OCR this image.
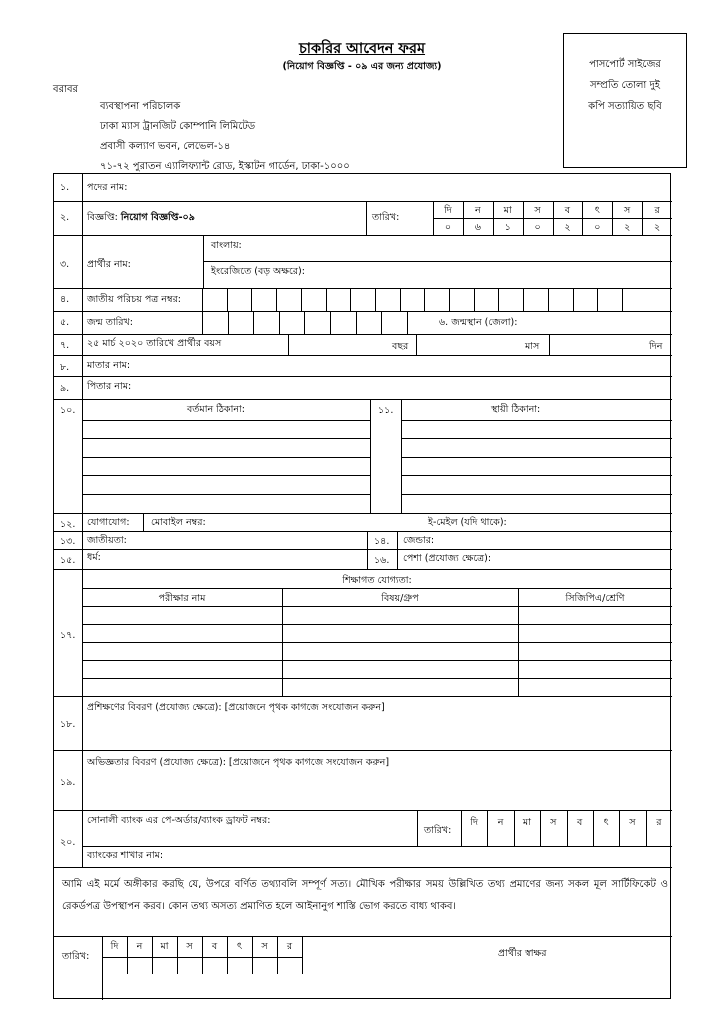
চাকরির আবেদন ফরম
(নিয়োগ বিজ্ঞপ্তি - ০৯ এর জন্য প্রযোজ্য)	পাসপোর্ট সাইজের
সম্প্রতি তোলা দুই
কপি সত্যায়িত ছবি
বরাবর
ব্যবস্থাপনা পরিচালক
ঢাকা ম্যাস ট্রানজিট কোম্পানি লিমিটেড
প্রবাসী কল্যাণ ভবন, লেভেল-১৪
৭১-৭২ পুরাতন এ্যালিফ্যান্ট রোড, ইস্কাটন গার্ডেন, ঢাকা-১০০০
১. পদের নাম:
২. বিজ্ঞপ্তি: নিয়োগ বিজ্ঞপ্তি-০৯	তারিখ:
দি	ন	মা	স	ব	ৎ	স	র
০	৬	১	০	২	০	২	২
৩. প্রার্থীর নাম:
বাংলায়:
ইংরেজিতে (বড় অক্ষরে):
৪. জাতীয় পরিচয় পত্র নম্বর:
৫. জন্ম তারিখ:	৬. জন্মস্থান (জেলা):
৭. ২৫ মার্চ ২০২০ তারিখে প্রার্থীর বয়স	বছর	মাস	দিন
৮. মাতার নাম:
৯. পিতার নাম:
১০.	বর্তমান ঠিকানা:	১১.	স্থায়ী ঠিকানা:
১২. যোগাযোগ: মোবাইল নম্বর:	ই-মেইল (যদি থাকে):
১৩. জাতীয়তা:	১৪. জেন্ডার:
১৫. ধর্ম:	১৬. পেশা (প্রযোজ্য ক্ষেত্রে):
১৭.
শিক্ষাগত যোগ্যতা:
পরীক্ষার নাম	বিষয়/গ্রুপ	সিজিপিএ/শ্রেণি
১৮.
প্রশিক্ষণের বিবরণ (প্রযোজ্য ক্ষেত্রে): [প্রয়োজনে পৃথক কাগজে সংযোজন করুন]
১৯.
অভিজ্ঞতার বিবরণ (প্রযোজ্য ক্ষেত্রে): [প্রয়োজনে পৃথক কাগজে সংযোজন করুন]
২০.
সোনালী ব্যাংক এর পে-অর্ডার/ব্যাংক ড্রাফট নম্বর:
তারিখ:
দি	ন	মা	স	ব	ৎ	স	র
ব্যাংকের শাখার নাম:
আমি এই মর্মে অঙ্গীকার করছি যে, উপরে বর্ণিত তথ্যাবলি সম্পূর্ণ সত্য। মৌখিক পরীক্ষার সময় উল্লিখিত তথ্য প্রমাণের জন্য সকল মূল সার্টিফিকেট ও রেকর্ডপত্র উপস্থাপন করব। কোন তথ্য অসত্য প্রমাণিত হলে আইনানুগ শাস্তি ভোগ করতে বাধ্য থাকব।
তারিখ:
দি	ন	মা	স	ব	ৎ	স	র
প্রার্থীর স্বাক্ষর
